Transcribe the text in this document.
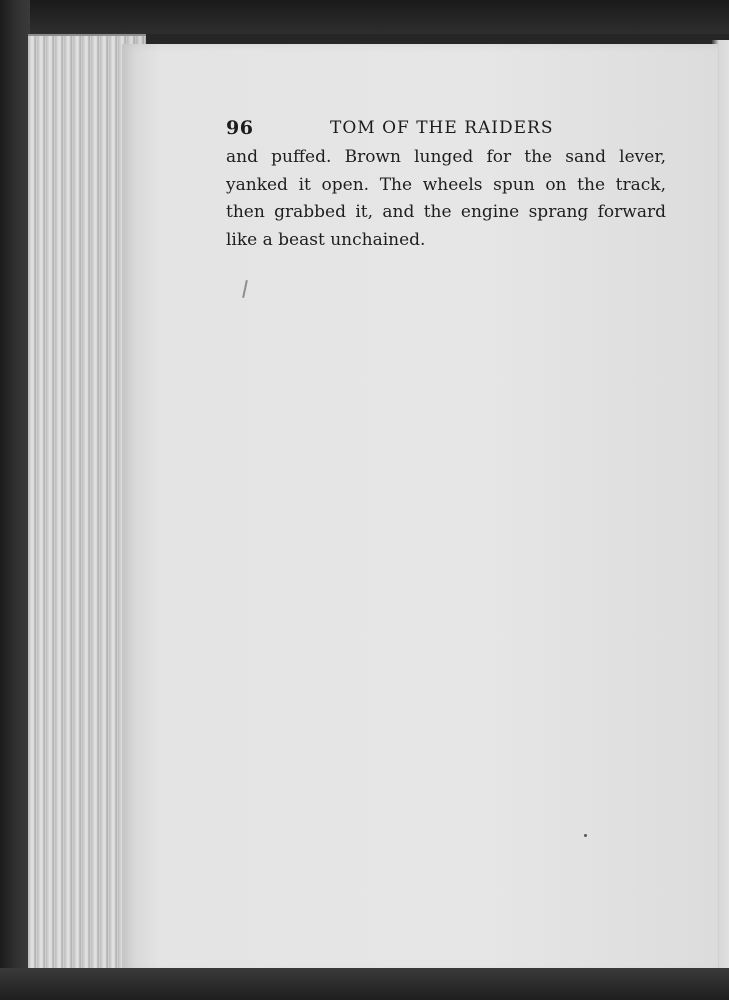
96	TOM OF THE RAIDERS
and puffed. Brown lunged for the sand lever,
yanked it open. The wheels spun on the track,
then grabbed it, and the engine sprang forward
like a beast unchained.
